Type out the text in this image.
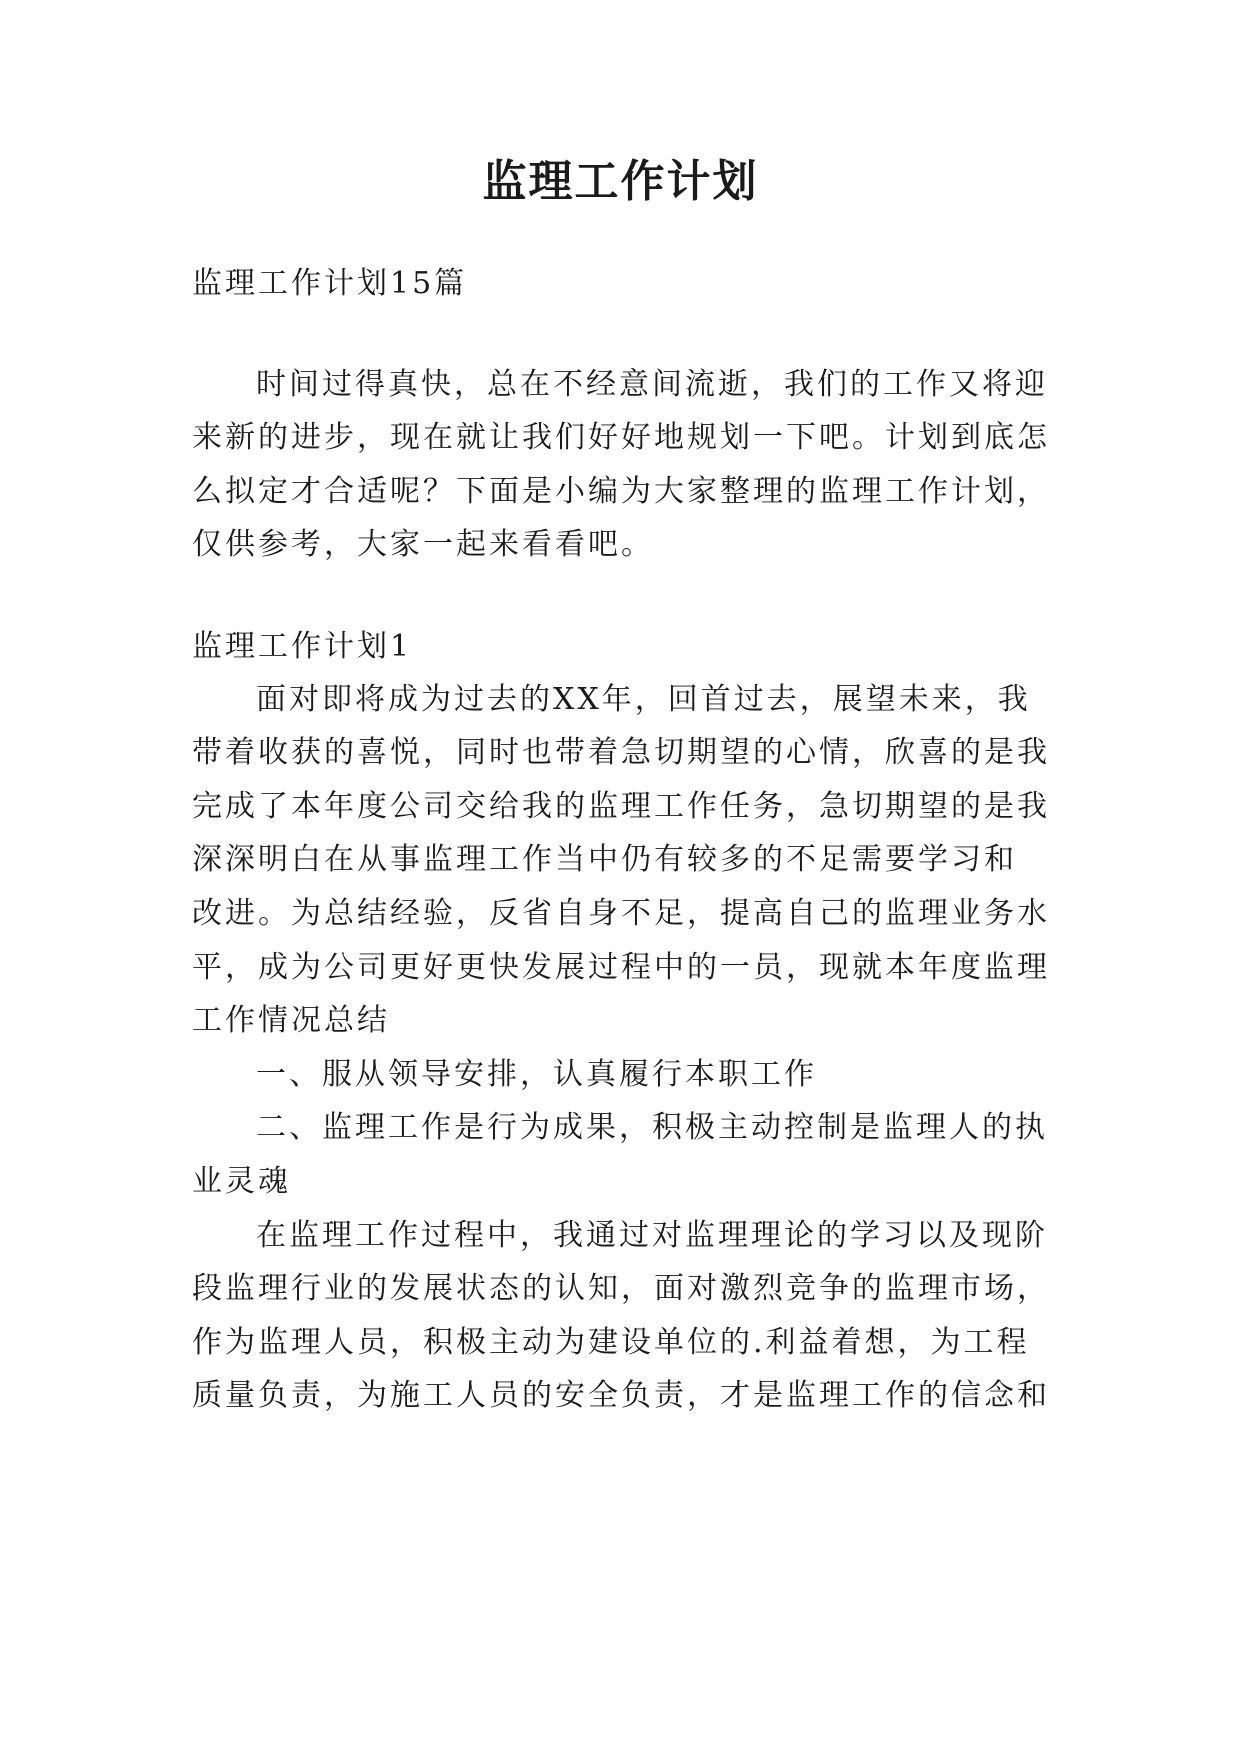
监理工作计划
监理工作计划15篇
时间过得真快，总在不经意间流逝，我们的工作又将迎
来新的进步，现在就让我们好好地规划一下吧。计划到底怎
么拟定才合适呢？下面是小编为大家整理的监理工作计划，
仅供参考，大家一起来看看吧。
监理工作计划1
面对即将成为过去的XX年，回首过去，展望未来，我
带着收获的喜悦，同时也带着急切期望的心情，欣喜的是我
完成了本年度公司交给我的监理工作任务，急切期望的是我
深深明白在从事监理工作当中仍有较多的不足需要学习和
改进。为总结经验，反省自身不足，提高自己的监理业务水
平，成为公司更好更快发展过程中的一员，现就本年度监理
工作情况总结
一、服从领导安排，认真履行本职工作
二、监理工作是行为成果，积极主动控制是监理人的执
业灵魂
在监理工作过程中，我通过对监理理论的学习以及现阶
段监理行业的发展状态的认知，面对激烈竞争的监理市场，
作为监理人员，积极主动为建设单位的.利益着想，为工程
质量负责，为施工人员的安全负责，才是监理工作的信念和
